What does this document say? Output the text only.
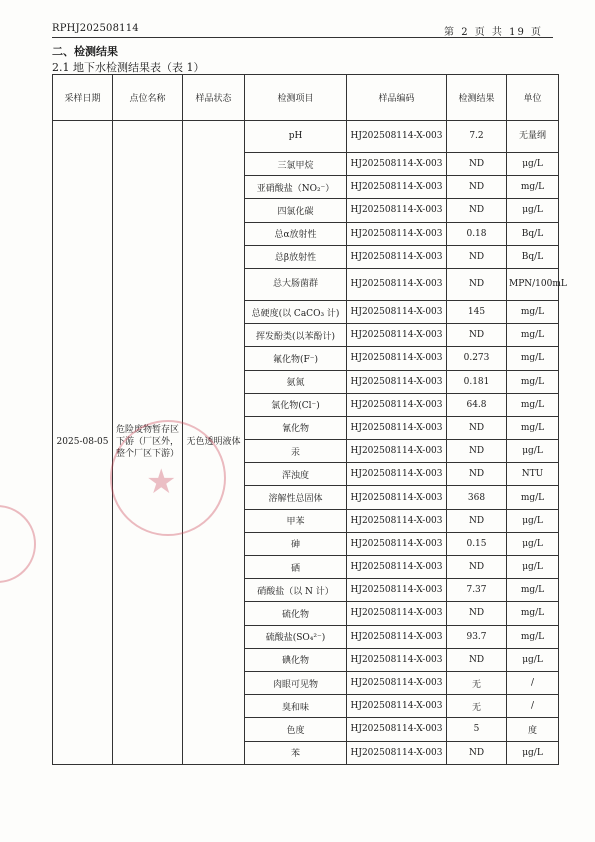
RPHJ202508114	第 2 页 共 19 页
二、检测结果
2.1 地下水检测结果表（表 1）
采样日期	点位名称	样品状态	检测项目	样品编码	检测结果	单位
2025-08-05	危险废物暂存区下游（厂区外，整个厂区下游）	无色透明液体	pH	HJ202508114-X-003	7.2	无量纲
			三氯甲烷	HJ202508114-X-003	ND	μg/L
			亚硝酸盐（NO₂⁻）	HJ202508114-X-003	ND	mg/L
			四氯化碳	HJ202508114-X-003	ND	μg/L
			总α放射性	HJ202508114-X-003	0.18	Bq/L
			总β放射性	HJ202508114-X-003	ND	Bq/L
			总大肠菌群	HJ202508114-X-003	ND	MPN/100mL
			总硬度(以 CaCO₃ 计)	HJ202508114-X-003	145	mg/L
			挥发酚类(以苯酚计)	HJ202508114-X-003	ND	mg/L
			氟化物(F⁻)	HJ202508114-X-003	0.273	mg/L
			氨氮	HJ202508114-X-003	0.181	mg/L
			氯化物(Cl⁻)	HJ202508114-X-003	64.8	mg/L
			氰化物	HJ202508114-X-003	ND	mg/L
			汞	HJ202508114-X-003	ND	μg/L
			浑浊度	HJ202508114-X-003	ND	NTU
			溶解性总固体	HJ202508114-X-003	368	mg/L
			甲苯	HJ202508114-X-003	ND	μg/L
			砷	HJ202508114-X-003	0.15	μg/L
			硒	HJ202508114-X-003	ND	μg/L
			硝酸盐（以 N 计）	HJ202508114-X-003	7.37	mg/L
			硫化物	HJ202508114-X-003	ND	mg/L
			硫酸盐(SO₄²⁻)	HJ202508114-X-003	93.7	mg/L
			碘化物	HJ202508114-X-003	ND	μg/L
			肉眼可见物	HJ202508114-X-003	无	/
			臭和味	HJ202508114-X-003	无	/
			色度	HJ202508114-X-003	5	度
			苯	HJ202508114-X-003	ND	μg/L
★
